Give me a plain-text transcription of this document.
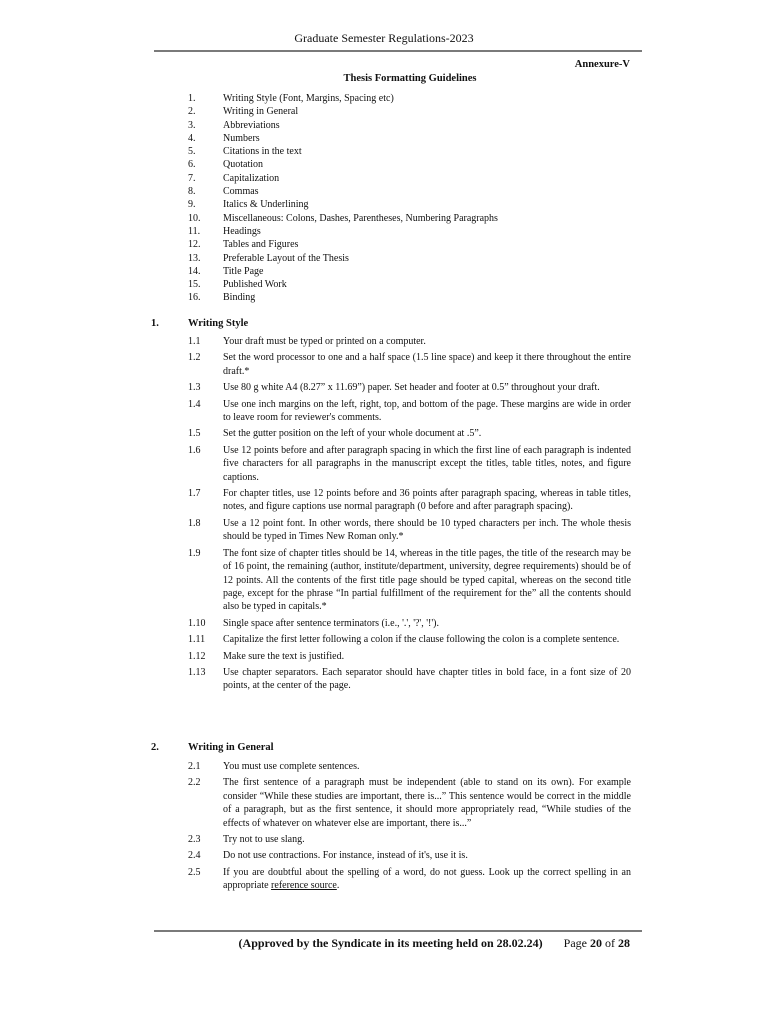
Graduate Semester Regulations-2023
Annexure-V
Thesis Formatting Guidelines
1.	Writing Style (Font, Margins, Spacing etc)
2.	Writing in General
3.	Abbreviations
4.	Numbers
5.	Citations in the text
6.	Quotation
7.	Capitalization
8.	Commas
9.	Italics & Underlining
10.	Miscellaneous: Colons, Dashes, Parentheses, Numbering Paragraphs
11.	Headings
12.	Tables and Figures
13.	Preferable Layout of the Thesis
14.	Title Page
15.	Published Work
16.	Binding
1.	Writing Style
1.1	Your draft must be typed or printed on a computer.
1.2	Set the word processor to one and a half space (1.5 line space) and keep it there throughout the entire draft.*
1.3	Use 80 g white A4 (8.27” x 11.69”) paper. Set header and footer at 0.5” throughout your draft.
1.4	Use one inch margins on the left, right, top, and bottom of the page. These margins are wide in order to leave room for reviewer's comments.
1.5	Set the gutter position on the left of your whole document at .5”.
1.6	Use 12 points before and after paragraph spacing in which the first line of each paragraph is indented five characters for all paragraphs in the manuscript except the titles, table titles, notes, and figure captions.
1.7	For chapter titles, use 12 points before and 36 points after paragraph spacing, whereas in table titles, notes, and figure captions use normal paragraph (0 before and after paragraph spacing).
1.8	Use a 12 point font. In other words, there should be 10 typed characters per inch. The whole thesis should be typed in Times New Roman only.*
1.9	The font size of chapter titles should be 14, whereas in the title pages, the title of the research may be of 16 point, the remaining (author, institute/department, university, degree requirements) should be of 12 points. All the contents of the first title page should be typed capital, whereas on the second title page, except for the phrase “In partial fulfillment of the requirement for the” all the contents should also be typed in capitals.*
1.10	Single space after sentence terminators (i.e., '.', '?', '!').
1.11	Capitalize the first letter following a colon if the clause following the colon is a complete sentence.
1.12	Make sure the text is justified.
1.13	Use chapter separators. Each separator should have chapter titles in bold face, in a font size of 20 points, at the center of the page.
2.	Writing in General
2.1	You must use complete sentences.
2.2	The first sentence of a paragraph must be independent (able to stand on its own). For example consider “While these studies are important, there is...” This sentence would be correct in the middle of a paragraph, but as the first sentence, it should more appropriately read, “While studies of the effects of whatever on whatever else are important, there is...”
2.3	Try not to use slang.
2.4	Do not use contractions. For instance, instead of it's, use it is.
2.5	If you are doubtful about the spelling of a word, do not guess. Look up the correct spelling in an appropriate reference source.
(Approved by the Syndicate in its meeting held on 28.02.24) Page 20 of 28
